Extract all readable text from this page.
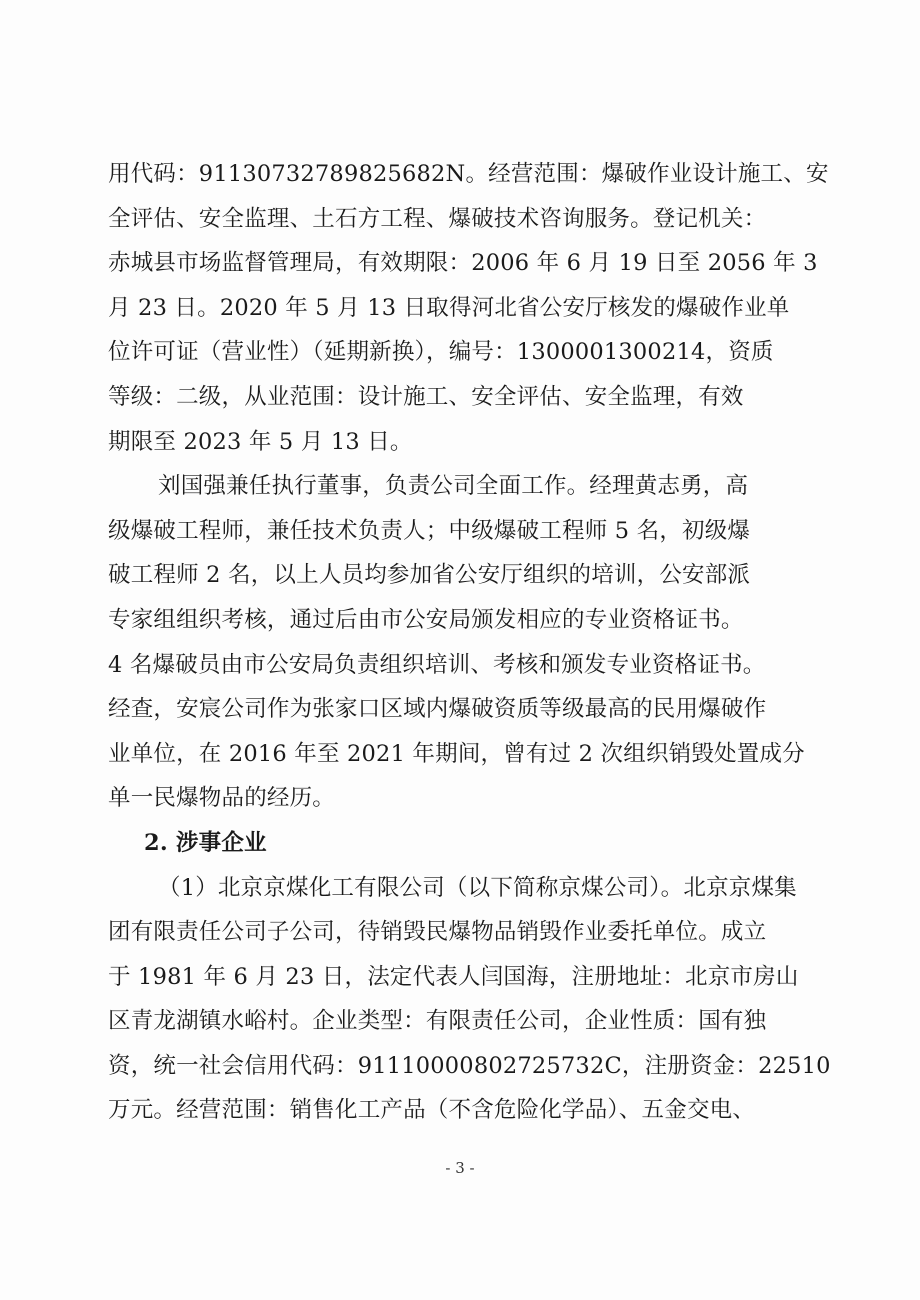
用代码：91130732789825682N。经营范围：爆破作业设计施工、安
全评估、安全监理、土石方工程、爆破技术咨询服务。登记机关：
赤城县市场监督管理局，有效期限：2006 年 6 月 19 日至 2056 年 3
月 23 日。2020 年 5 月 13 日取得河北省公安厅核发的爆破作业单
位许可证（营业性）（延期新换），编号：1300001300214，资质
等级：二级，从业范围：设计施工、安全评估、安全监理，有效
期限至 2023 年 5 月 13 日。
刘国强兼任执行董事，负责公司全面工作。经理黄志勇，高
级爆破工程师，兼任技术负责人；中级爆破工程师 5 名，初级爆
破工程师 2 名，以上人员均参加省公安厅组织的培训，公安部派
专家组组织考核，通过后由市公安局颁发相应的专业资格证书。
4 名爆破员由市公安局负责组织培训、考核和颁发专业资格证书。
经查，安宸公司作为张家口区域内爆破资质等级最高的民用爆破作
业单位，在 2016 年至 2021 年期间，曾有过 2 次组织销毁处置成分
单一民爆物品的经历。
2. 涉事企业
（1）北京京煤化工有限公司（以下简称京煤公司）。北京京煤集
团有限责任公司子公司，待销毁民爆物品销毁作业委托单位。成立
于 1981 年 6 月 23 日，法定代表人闫国海，注册地址：北京市房山
区青龙湖镇水峪村。企业类型：有限责任公司，企业性质：国有独
资，统一社会信用代码：91110000802725732C，注册资金：22510
万元。经营范围：销售化工产品（不含危险化学品）、五金交电、
- 3 -
